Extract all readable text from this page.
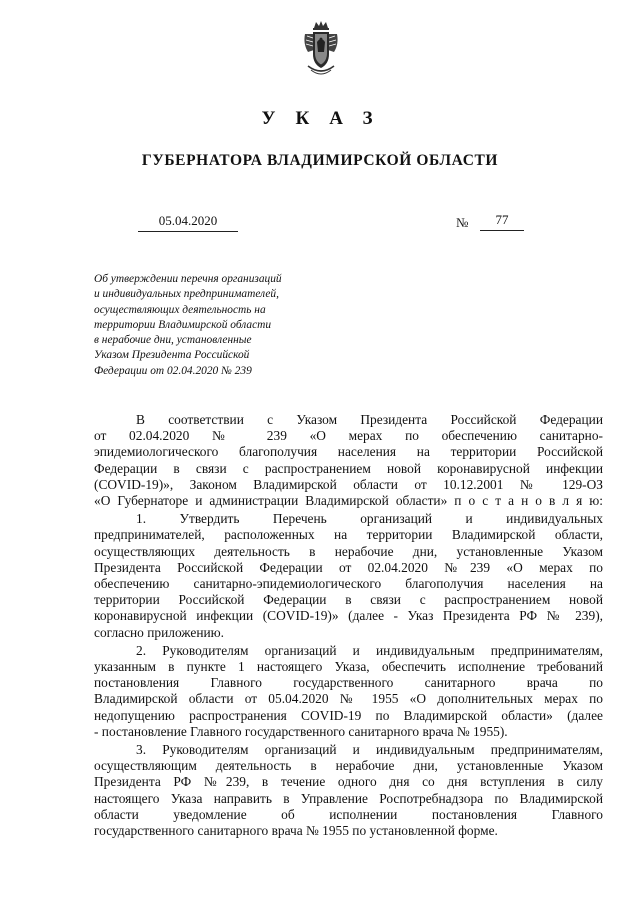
УКАЗ
ГУБЕРНАТОРА ВЛАДИМИРСКОЙ ОБЛАСТИ
05.04.2020	№	77
Об утверждении перечня организаций
и индивидуальных предпринимателей,
осуществляющих деятельность на
территории Владимирской области
в нерабочие дни, установленные
Указом Президента Российской
Федерации от 02.04.2020 № 239
В соответствии с Указом Президента Российской Федерации
от 02.04.2020 № 239 «О мерах по обеспечению санитарно-
эпидемиологического благополучия населения на территории Российской
Федерации в связи с распространением новой коронавирусной инфекции
(COVID-19)», Законом Владимирской области от 10.12.2001 № 129-ОЗ
«О Губернаторе и администрации Владимирской области» п о с т а н о в л я ю:
1. Утвердить Перечень организаций и индивидуальных
предпринимателей, расположенных на территории Владимирской области,
осуществляющих деятельность в нерабочие дни, установленные Указом
Президента Российской Федерации от 02.04.2020 №239 «О мерах по
обеспечению санитарно-эпидемиологического благополучия населения на
территории Российской Федерации в связи с распространением новой
коронавирусной инфекции (COVID-19)» (далее - Указ Президента РФ № 239),
согласно приложению.
2. Руководителям организаций и индивидуальным предпринимателям,
указанным в пункте 1 настоящего Указа, обеспечить исполнение требований
постановления Главного государственного санитарного врача по
Владимирской области от 05.04.2020 № 1955 «О дополнительных мерах по
недопущению распространения COVID-19 по Владимирской области» (далее
- постановление Главного государственного санитарного врача № 1955).
3. Руководителям организаций и индивидуальным предпринимателям,
осуществляющим деятельность в нерабочие дни, установленные Указом
Президента РФ №239, в течение одного дня со дня вступления в силу
настоящего Указа направить в Управление Роспотребнадзора по Владимирской
области уведомление об исполнении постановления Главного
государственного санитарного врача № 1955 по установленной форме.
